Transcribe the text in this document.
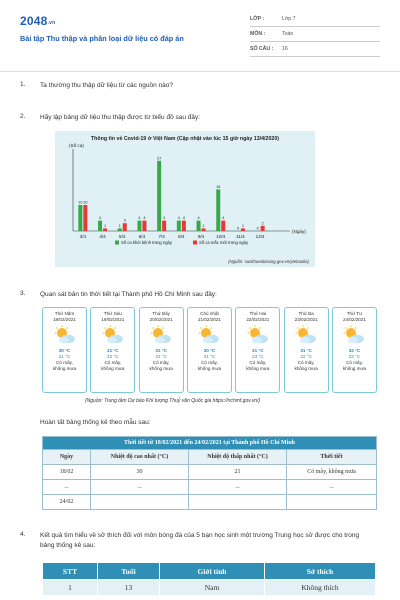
2048.vn
Bài tập Thu thập và phân loại dữ liệu có đáp án
LỚP :	Lớp 7
MÔN :	Toán
SỐ CÂU :	16
1.	Ta thường thu thập dữ liệu từ các nguồn nào?
2.	Hãy lập bảng dữ liệu thu thập được từ biểu đồ sau đây:
Thông tin về Covid-19 ở Việt Nam (Cập nhật vào lúc 15 giờ ngày 13/4/2020)
(Số ca)
(Ngày)
10 10
3/4
4
1
4/4
1
3
5/4
4 4
6/4
27
4
7/4
4 4
8/4
4
1
9/4
16
4
10/4
0
1
11/4
0
2
12/4
Số ca khỏi bệnh trong ngày	Số ca mắc mới trong ngày
(Nguồn: suckhoedoisong.gov.vn/ytebaolio)
3.	Quan sát bản tin thời tiết tại Thành phố Hồ Chí Minh sau đây:
Thứ Năm
18/02/2021
30 °C
21 °C
Có mây,
không mưa
Thứ Sáu
19/02/2021
31 °C
22 °C
Có mây,
không mưa
Thứ Bảy
20/02/2021
31 °C
22 °C
Có mây,
không mưa
Chủ nhật
21/02/2021
30 °C
21 °C
Có mây,
không mưa
Thứ Hai
22/02/2021
31 °C
23 °C
Có mây,
không mưa
Thứ Ba
23/02/2021
31 °C
22 °C
Có mây,
không mưa
Thứ Tư
24/02/2021
32 °C
23 °C
Có mây,
không mưa
(Nguồn: Trung tâm Dự báo Khí tượng Thuỷ văn Quốc gia https://nchmf.gov.vn/)
Hoàn tất bảng thống kê theo mẫu sau:
Thời tiết từ 18/02/2021 đến 24/02/2021 tại Thành phố Hồ Chí Minh			
Ngày	Nhiệt độ cao nhất (°C)	Nhiệt độ thấp nhất (°C)	Thời tiết
18/02	30	21	Có mây, không mưa
...	...	...	...
24/02			
4.	Kết quả tìm hiểu về sở thích đối với môn bóng đá của 5 bạn học sinh một trường Trung học sở được cho trong bảng thống kê sau:
STT	Tuổi	Giới tính	Sở thích
1	13	Nam	Không thích
